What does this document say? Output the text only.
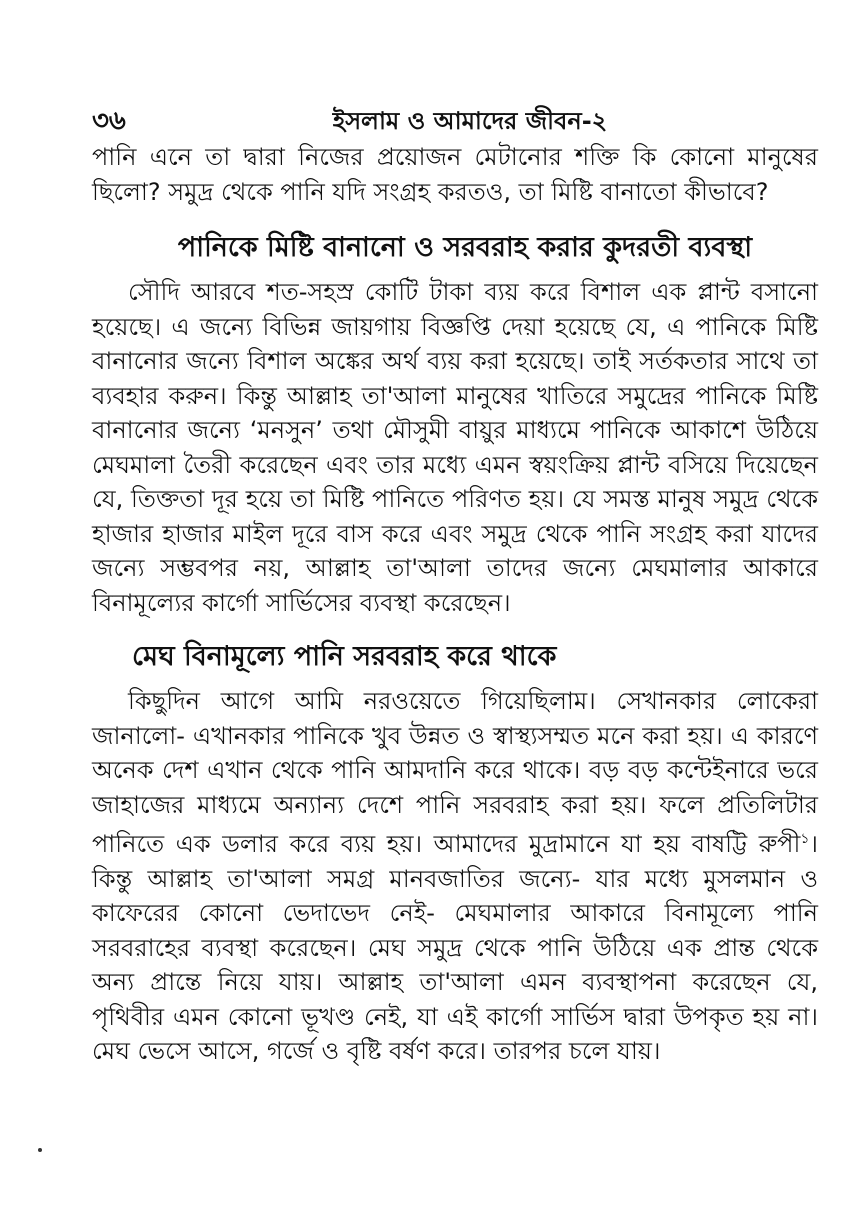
৩৬	ইসলাম ও আমাদের জীবন-২

পানি এনে তা দ্বারা নিজের প্রয়োজন মেটানোর শক্তি কি কোনো মানুষের ছিলো? সমুদ্র থেকে পানি যদি সংগ্রহ করতও, তা মিষ্টি বানাতো কীভাবে?

পানিকে মিষ্টি বানানো ও সরবরাহ করার কুদরতী ব্যবস্থা

সৌদি আরবে শত-সহস্র কোটি টাকা ব্যয় করে বিশাল এক প্লান্ট বসানো হয়েছে। এ জন্যে বিভিন্ন জায়গায় বিজ্ঞপ্তি দেয়া হয়েছে যে, এ পানিকে মিষ্টি বানানোর জন্যে বিশাল অঙ্কের অর্থ ব্যয় করা হয়েছে। তাই সর্তকতার সাথে তা ব্যবহার করুন। কিন্তু আল্লাহ তা'আলা মানুষের খাতিরে সমুদ্রের পানিকে মিষ্টি বানানোর জন্যে ‘মনসুন’ তথা মৌসুমী বায়ুর মাধ্যমে পানিকে আকাশে উঠিয়ে মেঘমালা তৈরী করেছেন এবং তার মধ্যে এমন স্বয়ংক্রিয় প্লান্ট বসিয়ে দিয়েছেন যে, তিক্ততা দূর হয়ে তা মিষ্টি পানিতে পরিণত হয়। যে সমস্ত মানুষ সমুদ্র থেকে হাজার হাজার মাইল দূরে বাস করে এবং সমুদ্র থেকে পানি সংগ্রহ করা যাদের জন্যে সম্ভবপর নয়, আল্লাহ তা'আলা তাদের জন্যে মেঘমালার আকারে বিনামূল্যের কার্গো সার্ভিসের ব্যবস্থা করেছেন।

মেঘ বিনামূল্যে পানি সরবরাহ করে থাকে

কিছুদিন আগে আমি নরওয়েতে গিয়েছিলাম। সেখানকার লোকেরা জানালো- এখানকার পানিকে খুব উন্নত ও স্বাস্থ্যসম্মত মনে করা হয়। এ কারণে অনেক দেশ এখান থেকে পানি আমদানি করে থাকে। বড় বড় কন্টেইনারে ভরে জাহাজের মাধ্যমে অন্যান্য দেশে পানি সরবরাহ করা হয়। ফলে প্রতিলিটার পানিতে এক ডলার করে ব্যয় হয়। আমাদের মুদ্রামানে যা হয় বাষট্টি রুপী$^১$। কিন্তু আল্লাহ তা'আলা সমগ্র মানবজাতির জন্যে- যার মধ্যে মুসলমান ও কাফেরের কোনো ভেদাভেদ নেই- মেঘমালার আকারে বিনামূল্যে পানি সরবরাহের ব্যবস্থা করেছেন। মেঘ সমুদ্র থেকে পানি উঠিয়ে এক প্রান্ত থেকে অন্য প্রান্তে নিয়ে যায়। আল্লাহ তা'আলা এমন ব্যবস্থাপনা করেছেন যে, পৃথিবীর এমন কোনো ভূখণ্ড নেই, যা এই কার্গো সার্ভিস দ্বারা উপকৃত হয় না। মেঘ ভেসে আসে, গর্জে ও বৃষ্টি বর্ষণ করে। তারপর চলে যায়।
